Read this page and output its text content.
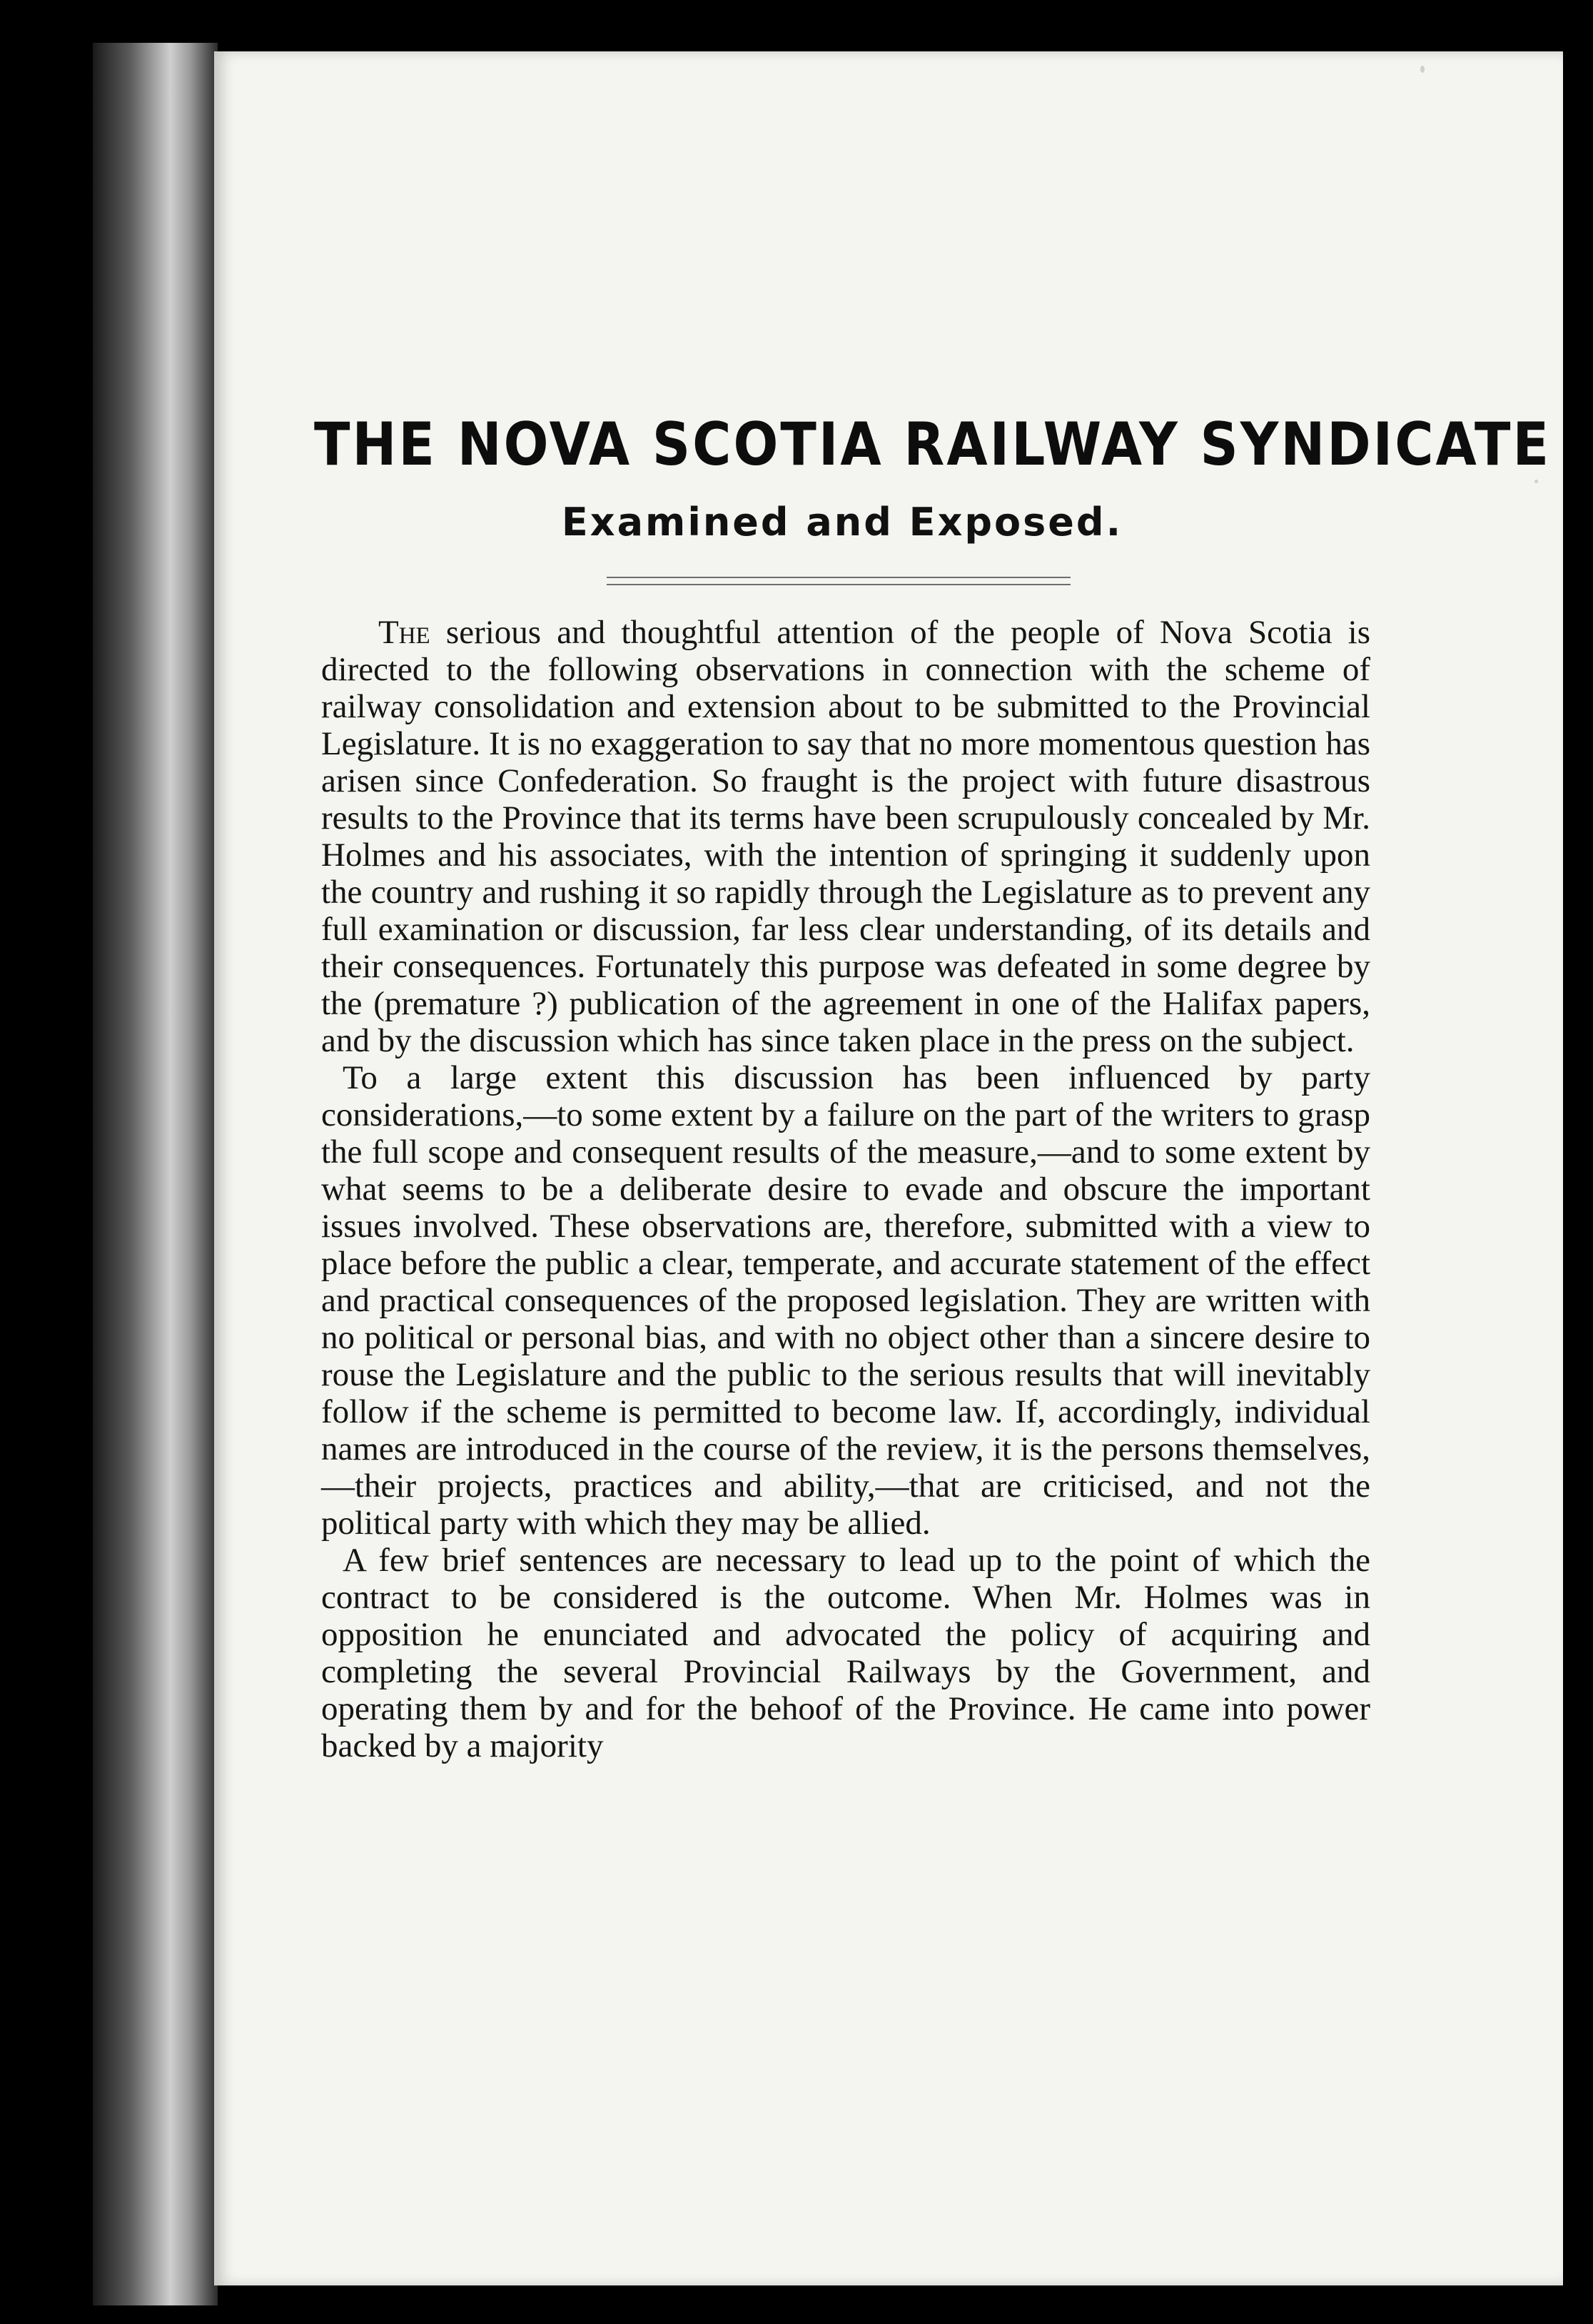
THE NOVA SCOTIA RAILWAY SYNDICATE
Examined and Exposed.

The serious and thoughtful attention of the people of Nova Scotia is directed to the following observations in connection with the scheme of railway consolidation and extension about to be submitted to the Provincial Legislature. It is no exaggeration to say that no more momentous question has arisen since Confederation. So fraught is the project with future disastrous results to the Province that its terms have been scrupulously concealed by Mr. Holmes and his associates, with the intention of springing it suddenly upon the country and rushing it so rapidly through the Legislature as to prevent any full examination or discussion, far less clear understanding, of its details and their consequences. Fortunately this purpose was defeated in some degree by the (premature ?) publication of the agreement in one of the Halifax papers, and by the discussion which has since taken place in the press on the subject.

To a large extent this discussion has been influenced by party considerations,—to some extent by a failure on the part of the writers to grasp the full scope and consequent results of the measure,—and to some extent by what seems to be a deliberate desire to evade and obscure the important issues involved. These observations are, therefore, submitted with a view to place before the public a clear, temperate, and accurate statement of the effect and practical consequences of the proposed legislation. They are written with no political or personal bias, and with no object other than a sincere desire to rouse the Legislature and the public to the serious results that will inevitably follow if the scheme is permitted to become law. If, accordingly, individual names are introduced in the course of the review, it is the persons themselves,—their projects, practices and ability,—that are criticised, and not the political party with which they may be allied.

A few brief sentences are necessary to lead up to the point of which the contract to be considered is the outcome. When Mr. Holmes was in opposition he enunciated and advocated the policy of acquiring and completing the several Provincial Railways by the Government, and operating them by and for the behoof of the Province. He came into power backed by a majority
